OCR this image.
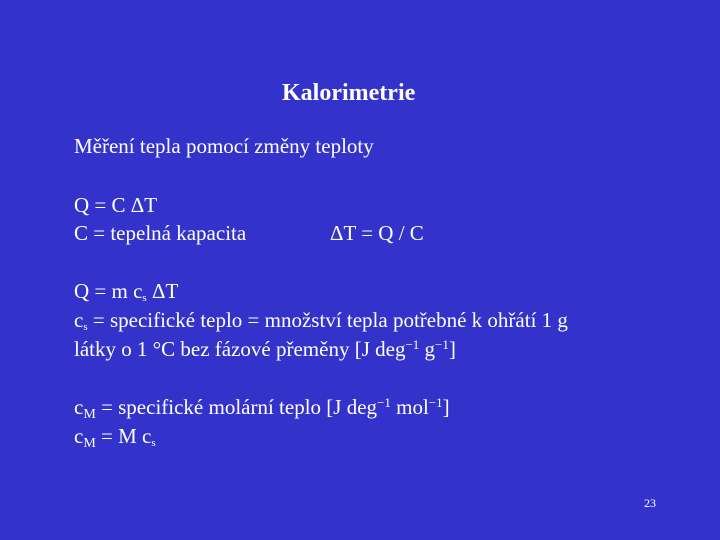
Kalorimetrie
Měření tepla pomocí změny teploty
Q = C ΔT
C = tepelná kapacita	ΔT = Q / C
Q = m $c_s$ ΔT
$c_s$ = specifické teplo = množství tepla potřebné k ohřátí 1 g
látky o 1 °C bez fázové přeměny [J deg$^{-1}$ $g^{-1}$]
$c_M$ = specifické molární teplo [J deg$^{-1}$ mol$^{-1}$]
$c_M = M$ $c_s$
23
